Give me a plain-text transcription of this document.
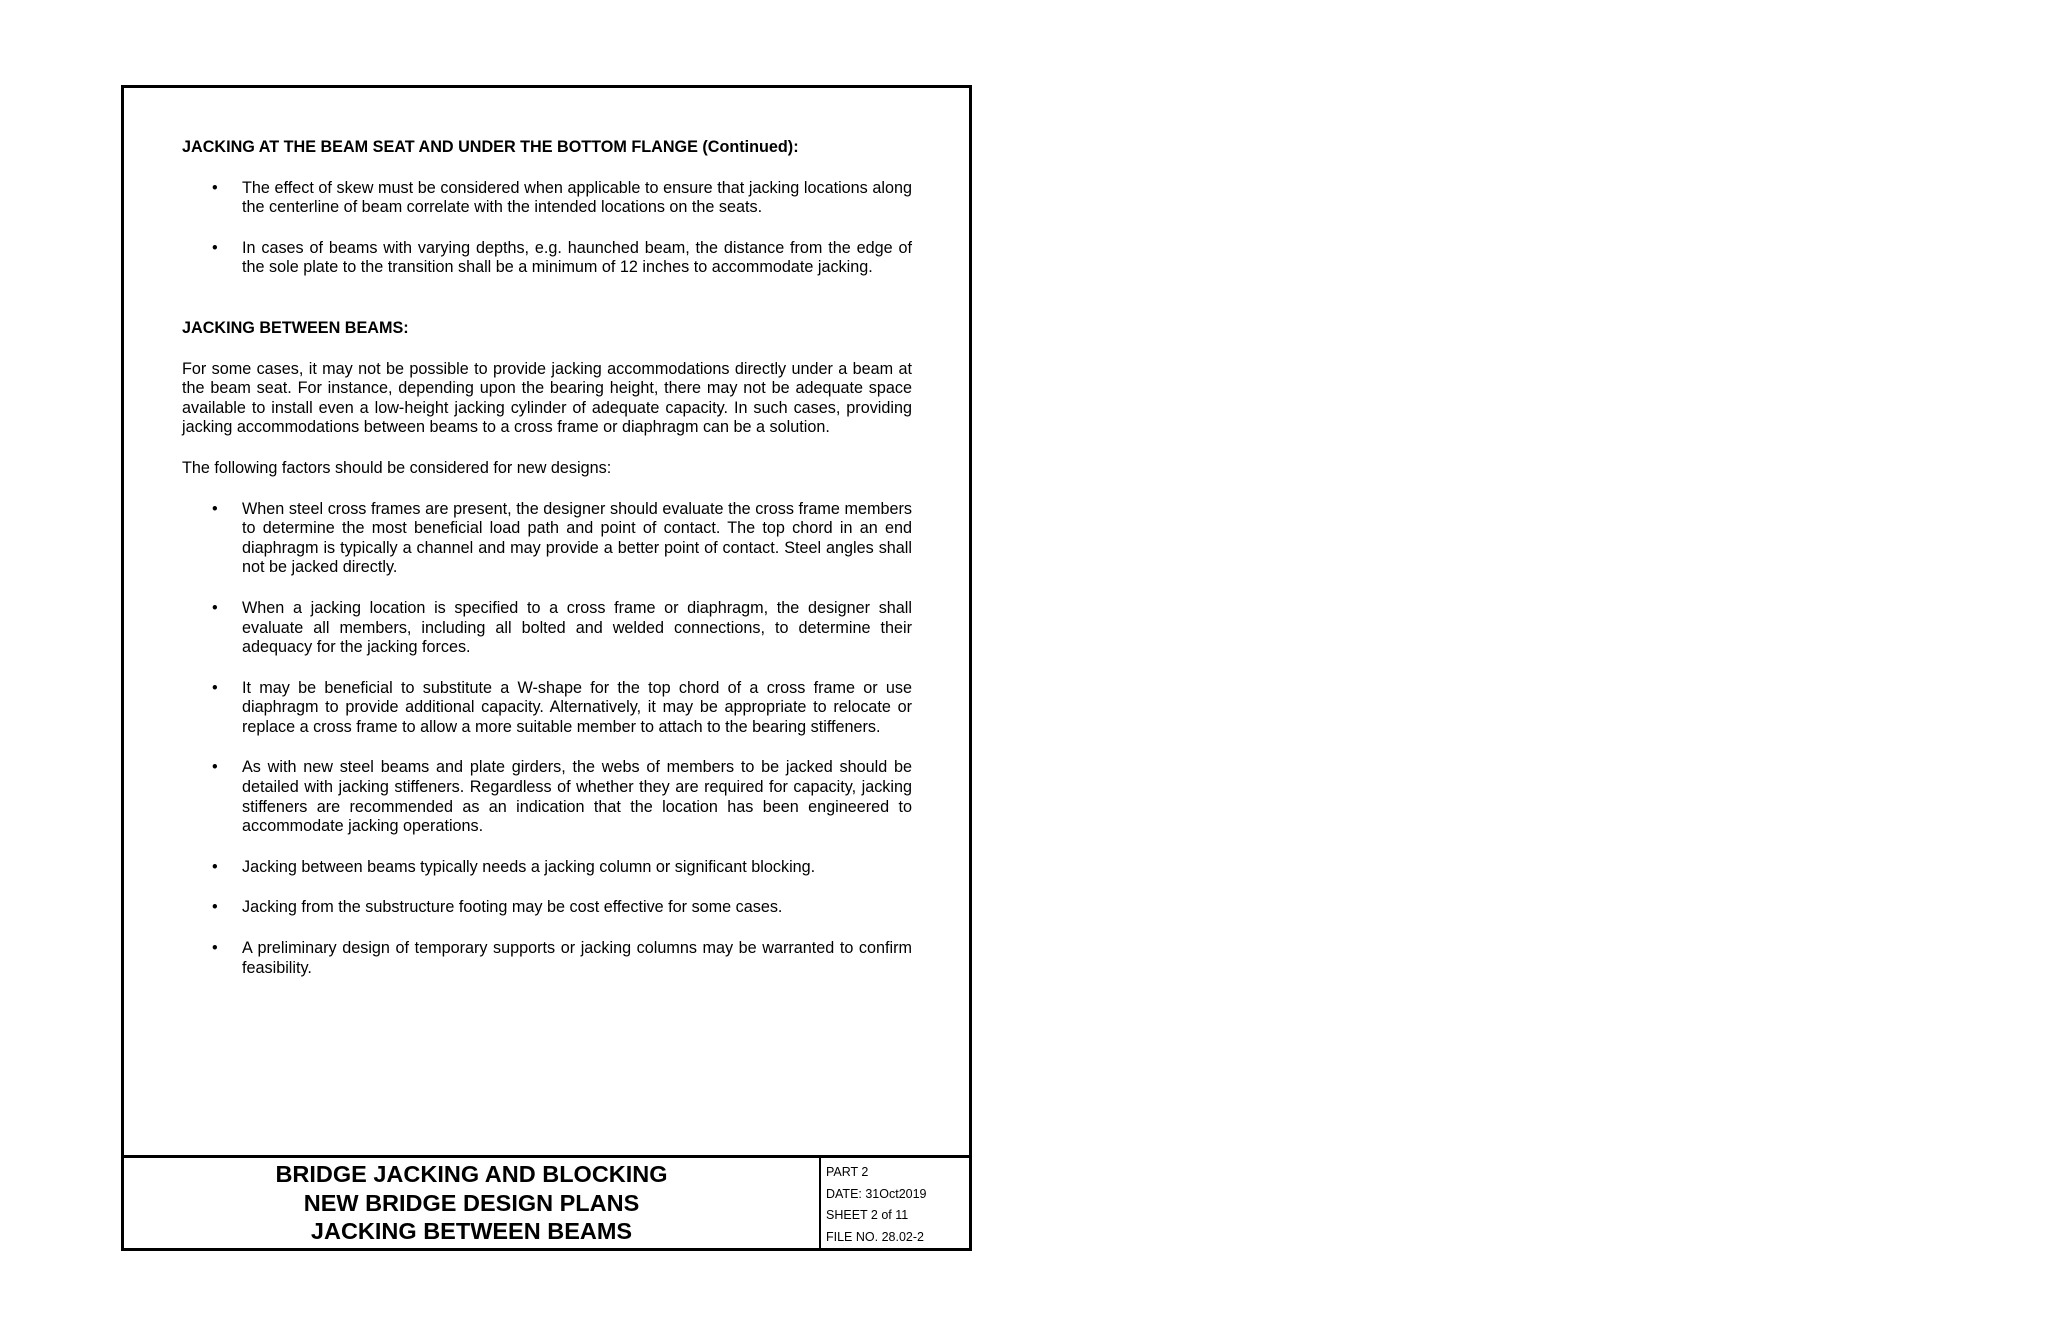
JACKING AT THE BEAM SEAT AND UNDER THE BOTTOM FLANGE (Continued):

• The effect of skew must be considered when applicable to ensure that jacking locations along the centerline of beam correlate with the intended locations on the seats.
• In cases of beams with varying depths, e.g. haunched beam, the distance from the edge of the sole plate to the transition shall be a minimum of 12 inches to accommodate jacking.

JACKING BETWEEN BEAMS:

For some cases, it may not be possible to provide jacking accommodations directly under a beam at the beam seat. For instance, depending upon the bearing height, there may not be adequate space available to install even a low-height jacking cylinder of adequate capacity. In such cases, providing jacking accommodations between beams to a cross frame or diaphragm can be a solution.

The following factors should be considered for new designs:

• When steel cross frames are present, the designer should evaluate the cross frame members to determine the most beneficial load path and point of contact. The top chord in an end diaphragm is typically a channel and may provide a better point of contact. Steel angles shall not be jacked directly.
• When a jacking location is specified to a cross frame or diaphragm, the designer shall evaluate all members, including all bolted and welded connections, to determine their adequacy for the jacking forces.
• It may be beneficial to substitute a W-shape for the top chord of a cross frame or use diaphragm to provide additional capacity. Alternatively, it may be appropriate to relocate or replace a cross frame to allow a more suitable member to attach to the bearing stiffeners.
• As with new steel beams and plate girders, the webs of members to be jacked should be detailed with jacking stiffeners. Regardless of whether they are required for capacity, jacking stiffeners are recommended as an indication that the location has been engineered to accommodate jacking operations.
• Jacking between beams typically needs a jacking column or significant blocking.
• Jacking from the substructure footing may be cost effective for some cases.
• A preliminary design of temporary supports or jacking columns may be warranted to confirm feasibility.
BRIDGE JACKING AND BLOCKING
NEW BRIDGE DESIGN PLANS
JACKING BETWEEN BEAMS
PART 2
DATE: 31Oct2019
SHEET 2 of 11
FILE NO. 28.02-2
